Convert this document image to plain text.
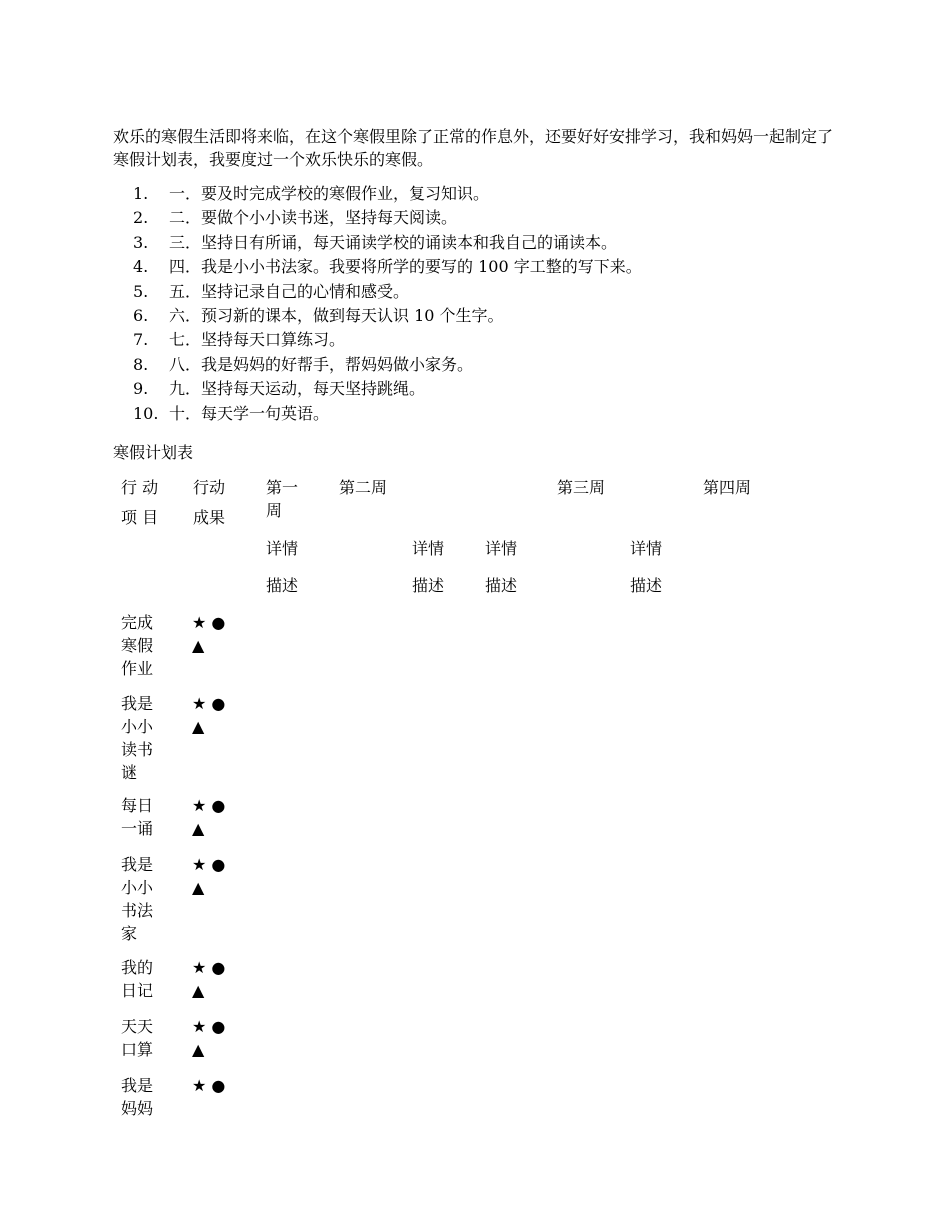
欢乐的寒假生活即将来临，在这个寒假里除了正常的作息外，还要好好安排学习，我和妈妈一起制定了寒假计划表，我要度过一个欢乐快乐的寒假。

1. 一．要及时完成学校的寒假作业，复习知识。
2. 二．要做个小小读书迷，坚持每天阅读。
3. 三．坚持日有所诵，每天诵读学校的诵读本和我自己的诵读本。
4. 四．我是小小书法家。我要将所学的要写的 100 字工整的写下来。
5. 五．坚持记录自己的心情和感受。
6. 六．预习新的课本，做到每天认识 10 个生字。
7. 七．坚持每天口算练习。
8. 八．我是妈妈的好帮手，帮妈妈做小家务。
9. 九．坚持每天运动，每天坚持跳绳。
10. 十．每天学一句英语。

寒假计划表

行 动
项 目
行动
成果
第一周
第二周	第三周	第四周
详情
描述
详情
描述
详情
描述
详情
描述
完成寒假作业
★ ● ▲
我是小小读书谜
★ ● ▲
每日一诵
★ ● ▲
我是小小书法家
★ ● ▲
我的日记
★ ● ▲
天天口算
★ ● ▲
我是妈妈
★ ●
